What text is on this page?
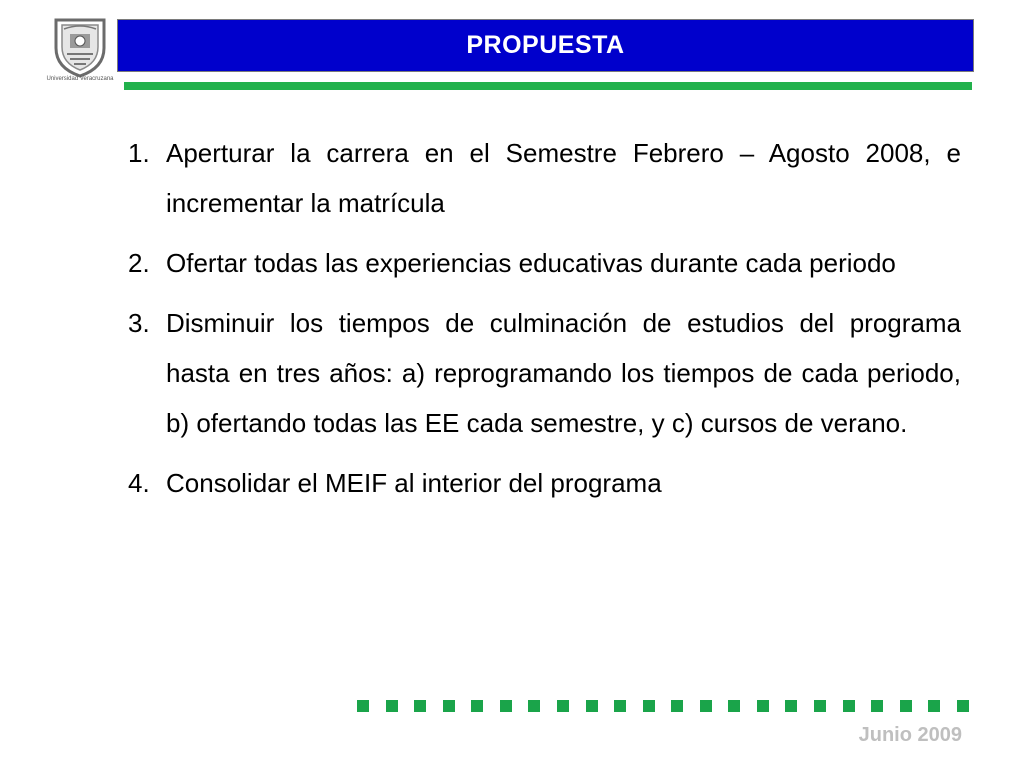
Universidad Veracruzana
PROPUESTA
1. Aperturar la carrera en el Semestre Febrero – Agosto 2008, e incrementar la matrícula
2. Ofertar todas las experiencias educativas durante cada periodo
3. Disminuir los tiempos de culminación de estudios del programa hasta en tres años: a) reprogramando los tiempos de cada periodo, b) ofertando todas las EE cada semestre, y c) cursos de verano.
4. Consolidar el MEIF al interior del programa
Junio 2009
